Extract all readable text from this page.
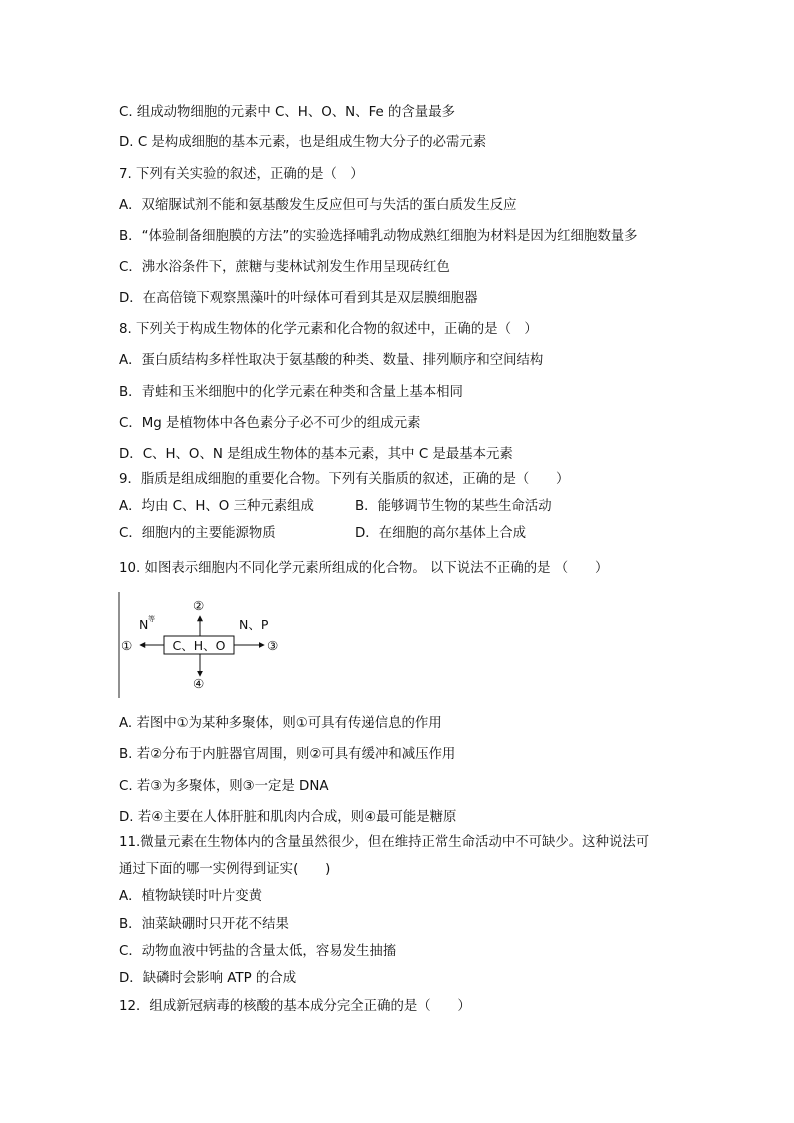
C. 组成动物细胞的元素中 C、H、O、N、Fe 的含量最多
D. C 是构成细胞的基本元素，也是组成生物大分子的必需元素
7. 下列有关实验的叙述，正确的是（　）
A．双缩脲试剂不能和氨基酸发生反应但可与失活的蛋白质发生反应
B．“体验制备细胞膜的方法”的实验选择哺乳动物成熟红细胞为材料是因为红细胞数量多
C．沸水浴条件下，蔗糖与斐林试剂发生作用呈现砖红色
D．在高倍镜下观察黑藻叶的叶绿体可看到其是双层膜细胞器
8. 下列关于构成生物体的化学元素和化合物的叙述中，正确的是（　）
A．蛋白质结构多样性取决于氨基酸的种类、数量、排列顺序和空间结构
B．青蛙和玉米细胞中的化学元素在种类和含量上基本相同
C．Mg 是植物体中各色素分子必不可少的组成元素
D．C、H、O、N 是组成生物体的基本元素，其中 C 是最基本元素
9．脂质是组成细胞的重要化合物。下列有关脂质的叙述，正确的是（　　）
A．均由 C、H、O 三种元素组成	B．能够调节生物的某些生命活动
C．细胞内的主要能源物质	D．在细胞的高尔基体上合成
10. 如图表示细胞内不同化学元素所组成的化合物。 以下说法不正确的是 （　　）
C、H、O
①
②
③
④
N 等	N、P
A. 若图中①为某种多聚体，则①可具有传递信息的作用
B. 若②分布于内脏器官周围，则②可具有缓冲和减压作用
C. 若③为多聚体，则③一定是 DNA
D. 若④主要在人体肝脏和肌肉内合成，则④最可能是糖原
11.微量元素在生物体内的含量虽然很少，但在维持正常生命活动中不可缺少。这种说法可
通过下面的哪一实例得到证实(　　)
A．植物缺镁时叶片变黄
B．油菜缺硼时只开花不结果
C．动物血液中钙盐的含量太低，容易发生抽搐
D．缺磷时会影响 ATP 的合成
12．组成新冠病毒的核酸的基本成分完全正确的是（　　）
